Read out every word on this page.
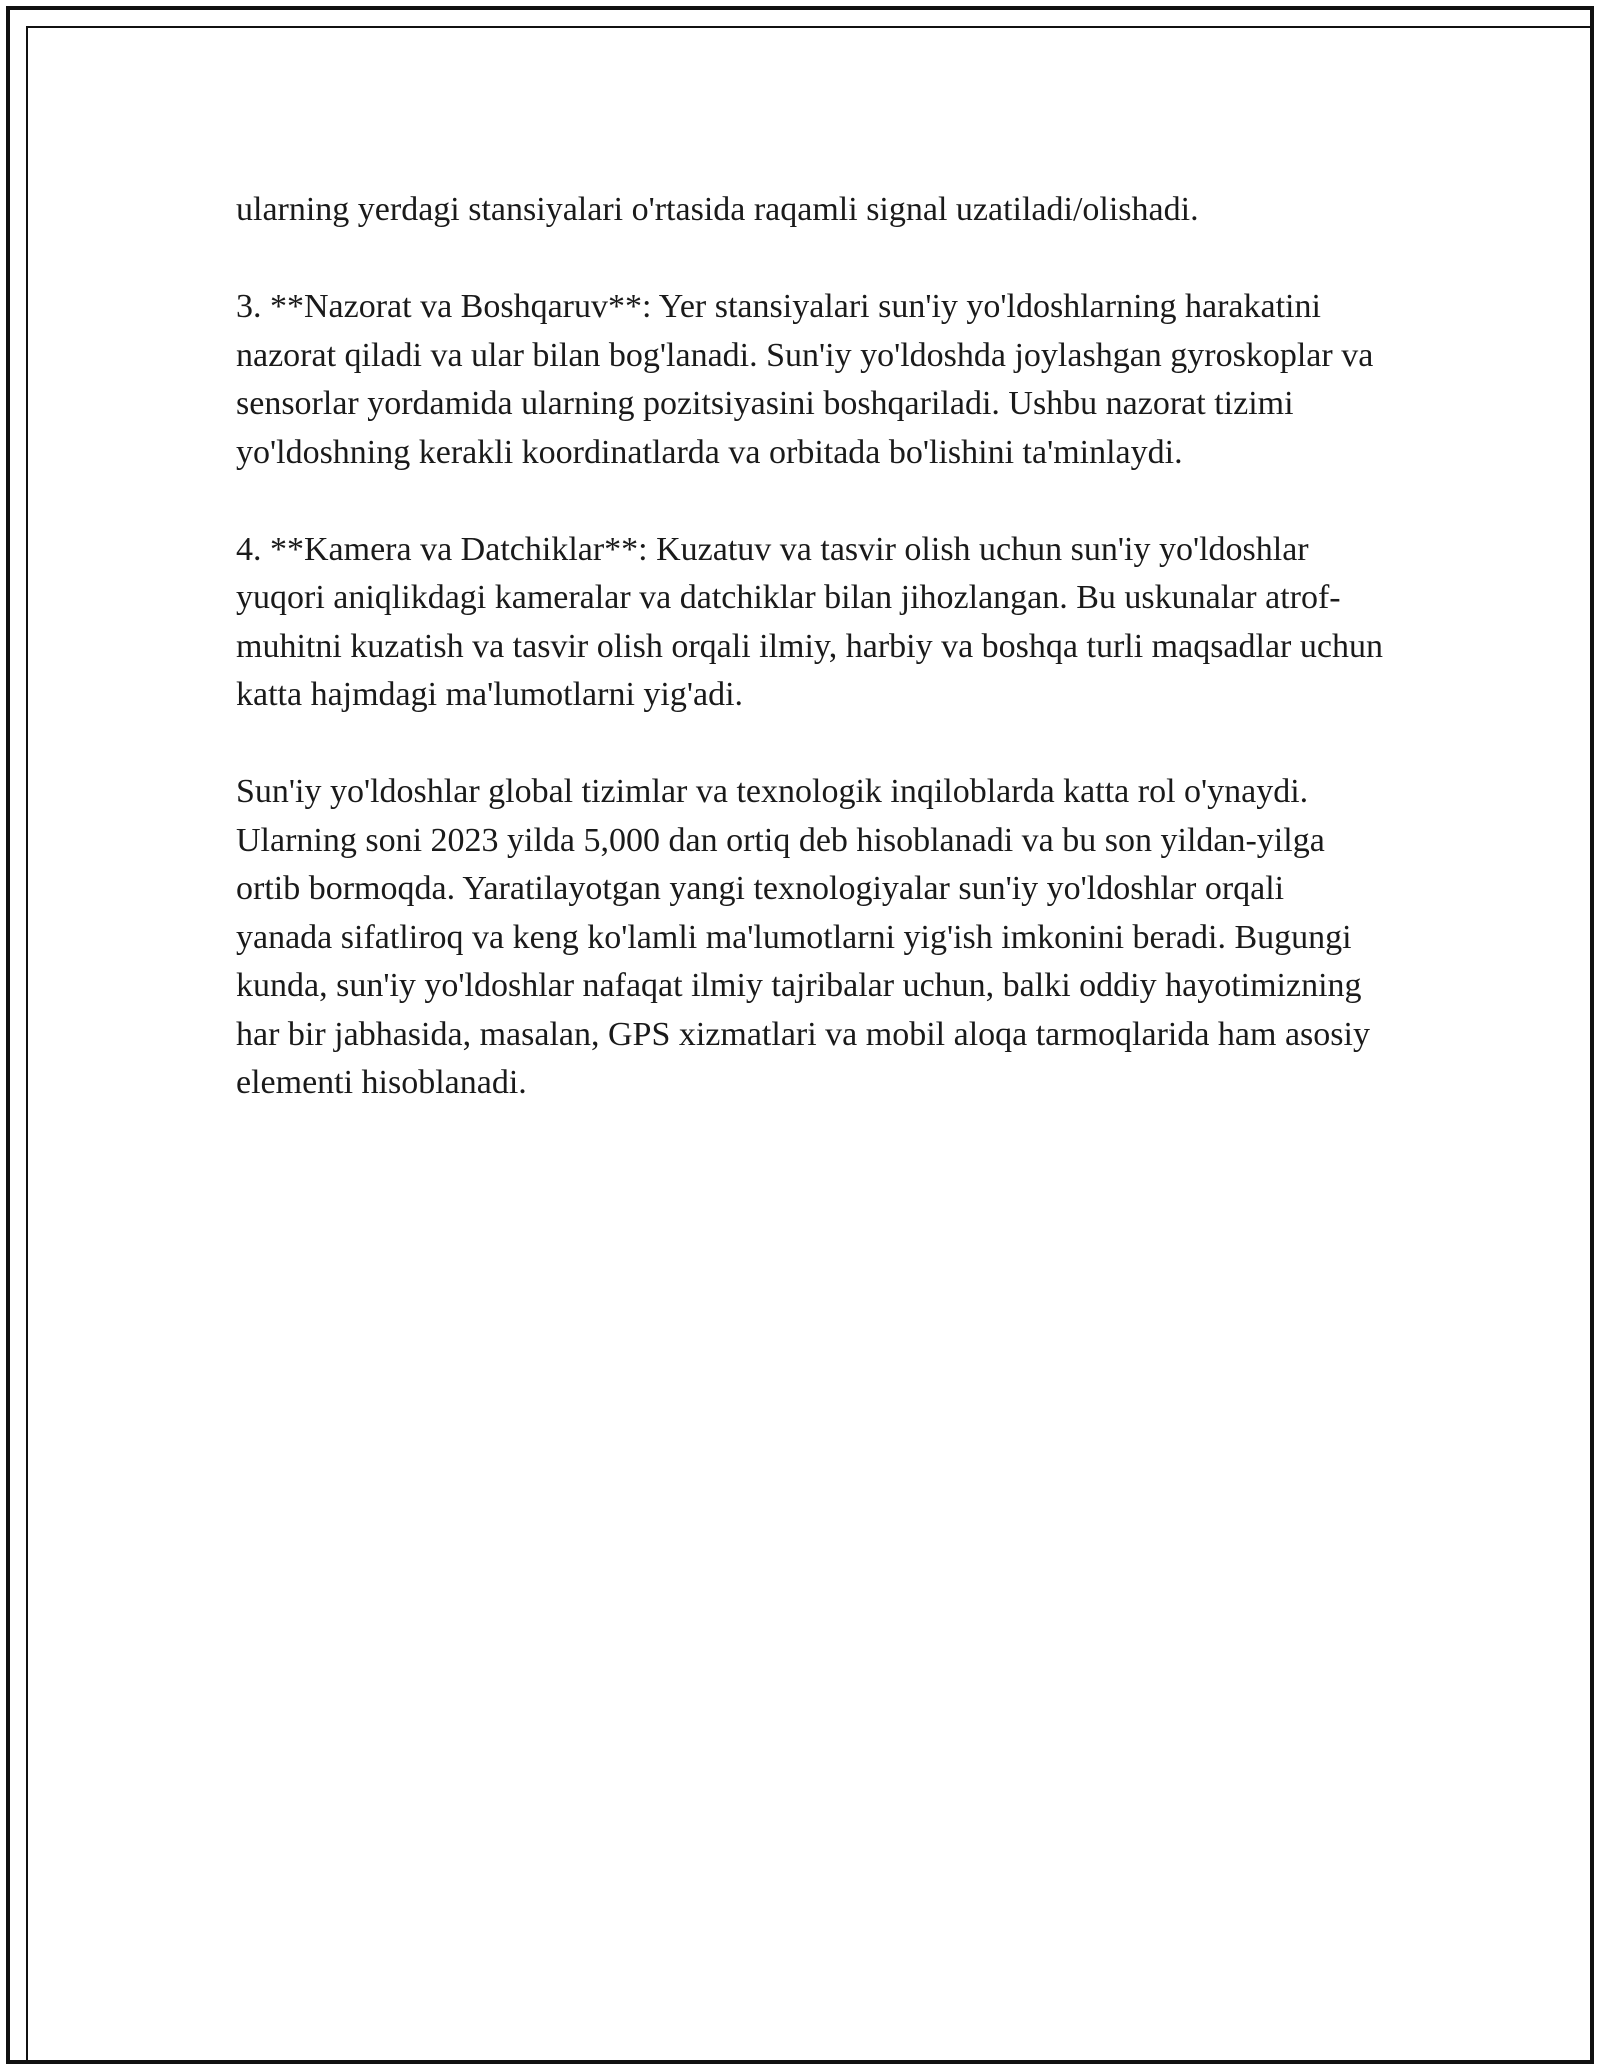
ularning yerdagi stansiyalari o'rtasida raqamli signal uzatiladi/olishadi.

3. **Nazorat va Boshqaruv**: Yer stansiyalari sun'iy yo'ldoshlarning harakatini nazorat qiladi va ular bilan bog'lanadi. Sun'iy yo'ldoshda joylashgan gyroskoplar va sensorlar yordamida ularning pozitsiyasini boshqariladi. Ushbu nazorat tizimi yo'ldoshning kerakli koordinatlarda va orbitada bo'lishini ta'minlaydi.

4. **Kamera va Datchiklar**: Kuzatuv va tasvir olish uchun sun'iy yo'ldoshlar yuqori aniqlikdagi kameralar va datchiklar bilan jihozlangan. Bu uskunalar atrof-muhitni kuzatish va tasvir olish orqali ilmiy, harbiy va boshqa turli maqsadlar uchun katta hajmdagi ma'lumotlarni yig'adi.

Sun'iy yo'ldoshlar global tizimlar va texnologik inqiloblarda katta rol o'ynaydi. Ularning soni 2023 yilda 5,000 dan ortiq deb hisoblanadi va bu son yildan-yilga ortib bormoqda. Yaratilayotgan yangi texnologiyalar sun'iy yo'ldoshlar orqali yanada sifatliroq va keng ko'lamli ma'lumotlarni yig'ish imkonini beradi. Bugungi kunda, sun'iy yo'ldoshlar nafaqat ilmiy tajribalar uchun, balki oddiy hayotimizning har bir jabhasida, masalan, GPS xizmatlari va mobil aloqa tarmoqlarida ham asosiy elementi hisoblanadi.
